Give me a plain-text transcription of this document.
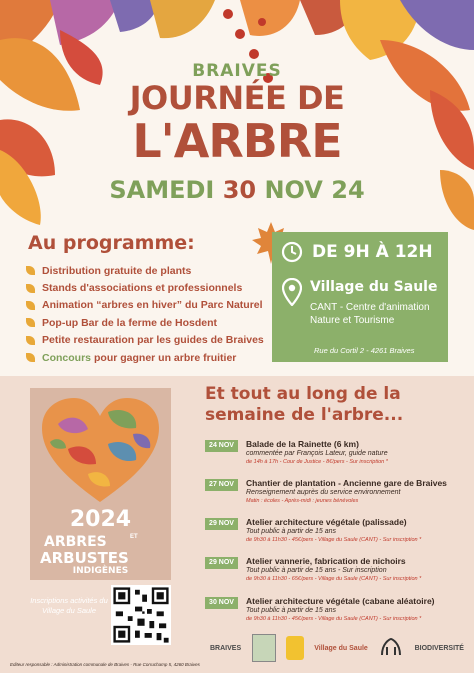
BRAIVES
JOURNÉE DE
L'ARBRE
SAMEDI 30 NOV 24
Au programme:
Distribution gratuite de plants
Stands d'associations et professionnels
Animation “arbres en hiver” du Parc Naturel
Pop-up Bar de la ferme de Hosdent
Petite restauration par les guides de Braives
Concours pour gagner un arbre fruitier
DE 9H À 12H
Village du Saule
CANT - Centre d'animation Nature et Tourisme
Rue du Cortil 2 - 4261 Braives
2024
ARBRES	ET
ARBUSTES
INDIGÈNES
Inscriptions activités du Village du Saule
Et tout au long de la semaine de l'arbre...
24 NOV	Balade de la Rainette (6 km)
commentée par François Lateur, guide nature
de 14h à 17h - Cour de Justice - 8€/pers - Sur inscription *
27 NOV	Chantier de plantation - Ancienne gare de Braives
Renseignement auprès du service environnement
Matin : écoles - Après-midi : jeunes bénévoles
29 NOV	Atelier architecture végétale (palissade)
Tout public à partir de 15 ans
de 9h30 à 11h30 - 45€/pers - Village du Saule (CANT) - Sur inscription *
29 NOV	Atelier vannerie, fabrication de nichoirs
Tout public à partir de 15 ans - Sur inscription
de 9h30 à 11h30 - 65€/pers - Village du Saule (CANT) - Sur inscription *
30 NOV	Atelier architecture végétale (cabane aléatoire)
Tout public à partir de 15 ans
de 9h30 à 11h30 - 45€/pers - Village du Saule (CANT) - Sur inscription *
BRAIVES	Village du Saule	BIODIVERSITÉ
Editeur responsable : Administration communale de Braives - Rue Corruchamp 5, 4260 Braives
